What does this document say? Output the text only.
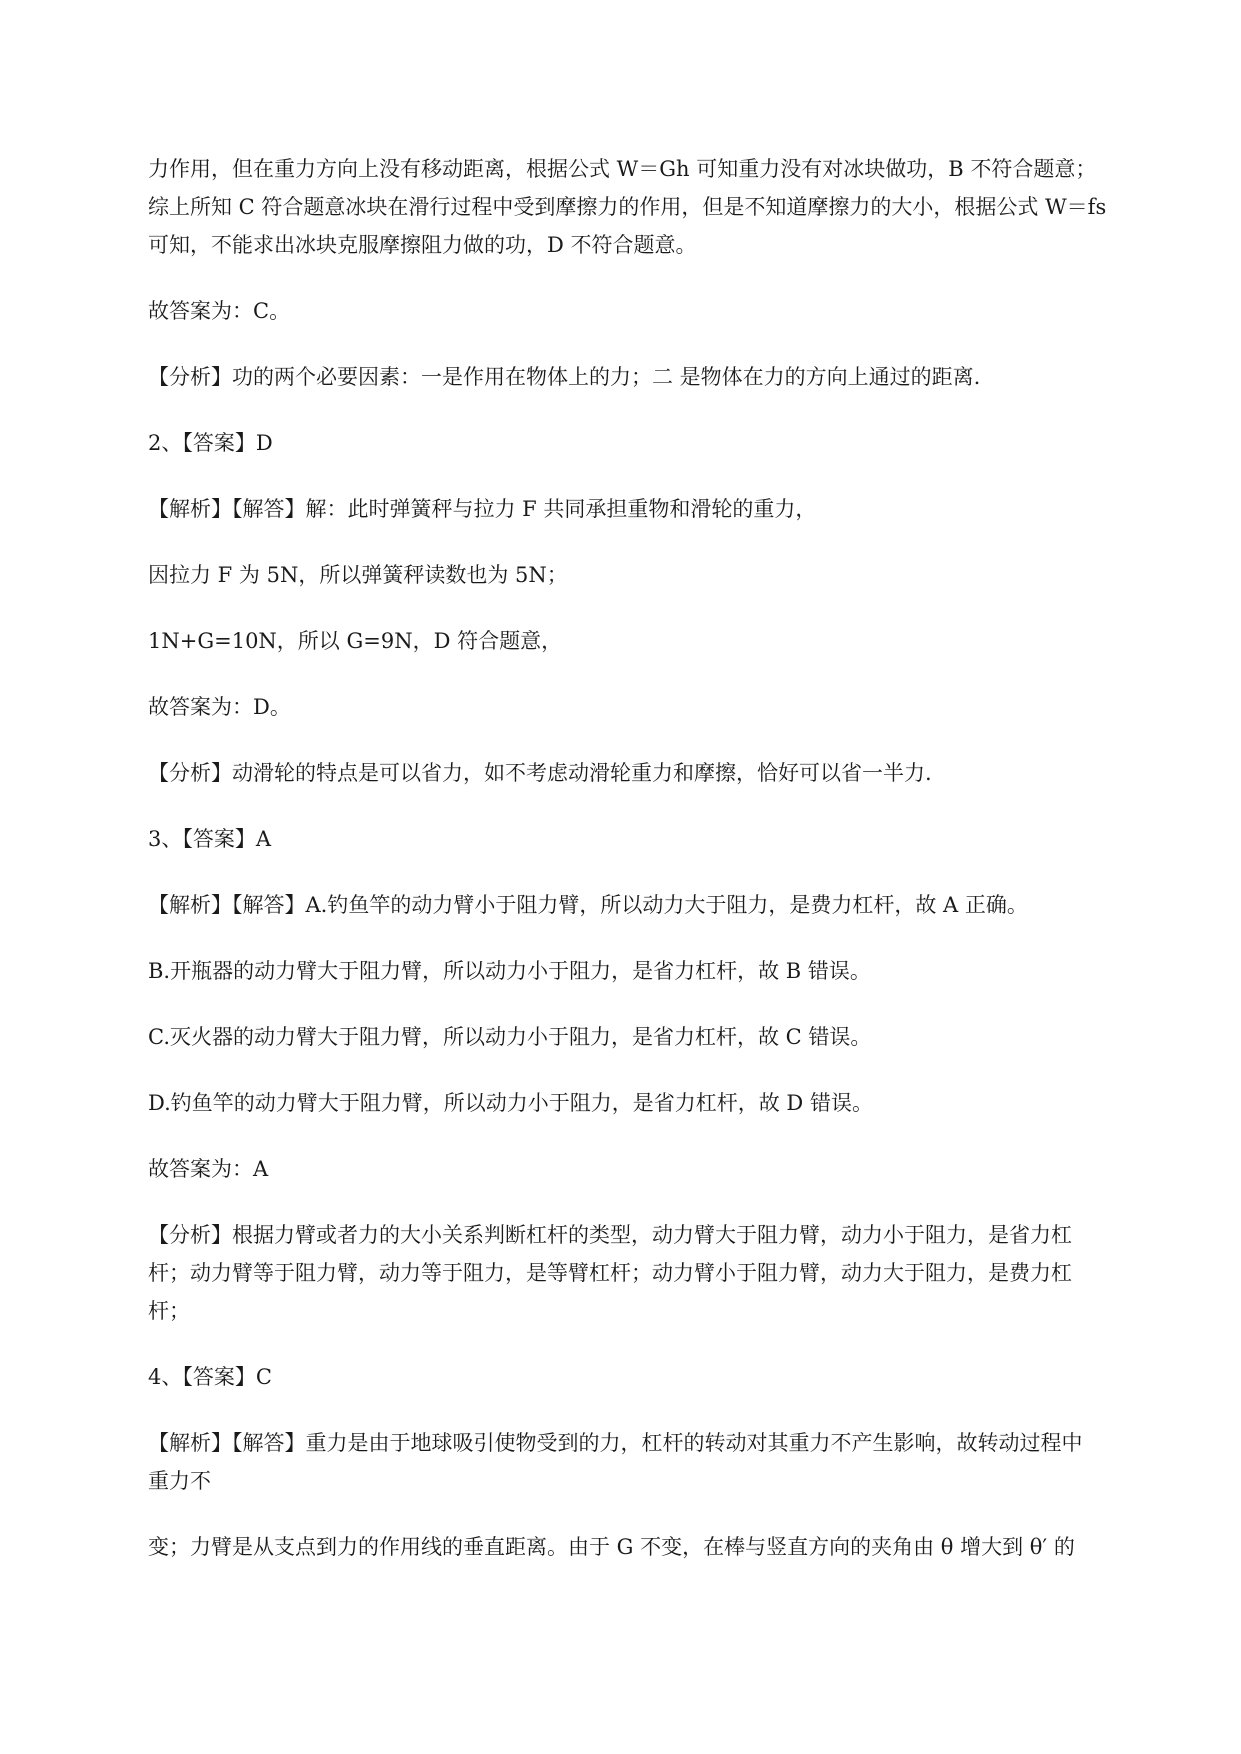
力作用，但在重力方向上没有移动距离，根据公式 W＝Gh 可知重力没有对冰块做功，B 不符合题意；

综上所知 C 符合题意冰块在滑行过程中受到摩擦力的作用，但是不知道摩擦力的大小，根据公式 W＝fs

可知，不能求出冰块克服摩擦阻力做的功，D 不符合题意。

故答案为：C。

【分析】功的两个必要因素：一是作用在物体上的力；二 是物体在力的方向上通过的距离.

2、【答案】D

【解析】【解答】解：此时弹簧秤与拉力 F 共同承担重物和滑轮的重力，

因拉力 F 为 5N，所以弹簧秤读数也为 5N；

1N+G=10N，所以 G=9N，D 符合题意，

故答案为：D。

【分析】动滑轮的特点是可以省力，如不考虑动滑轮重力和摩擦，恰好可以省一半力.

3、【答案】A

【解析】【解答】A.钓鱼竿的动力臂小于阻力臂，所以动力大于阻力，是费力杠杆，故 A 正确。

B.开瓶器的动力臂大于阻力臂，所以动力小于阻力，是省力杠杆，故 B 错误。

C.灭火器的动力臂大于阻力臂，所以动力小于阻力，是省力杠杆，故 C 错误。

D.钓鱼竿的动力臂大于阻力臂，所以动力小于阻力，是省力杠杆，故 D 错误。

故答案为：A

【分析】根据力臂或者力的大小关系判断杠杆的类型，动力臂大于阻力臂，动力小于阻力，是省力杠

杆；动力臂等于阻力臂，动力等于阻力，是等臂杠杆；动力臂小于阻力臂，动力大于阻力，是费力杠

杆；

4、【答案】C

【解析】【解答】重力是由于地球吸引使物受到的力，杠杆的转动对其重力不产生影响，故转动过程中

重力不

变；力臂是从支点到力的作用线的垂直距离。由于 G 不变，在棒与竖直方向的夹角由 θ 增大到 θ′ 的
